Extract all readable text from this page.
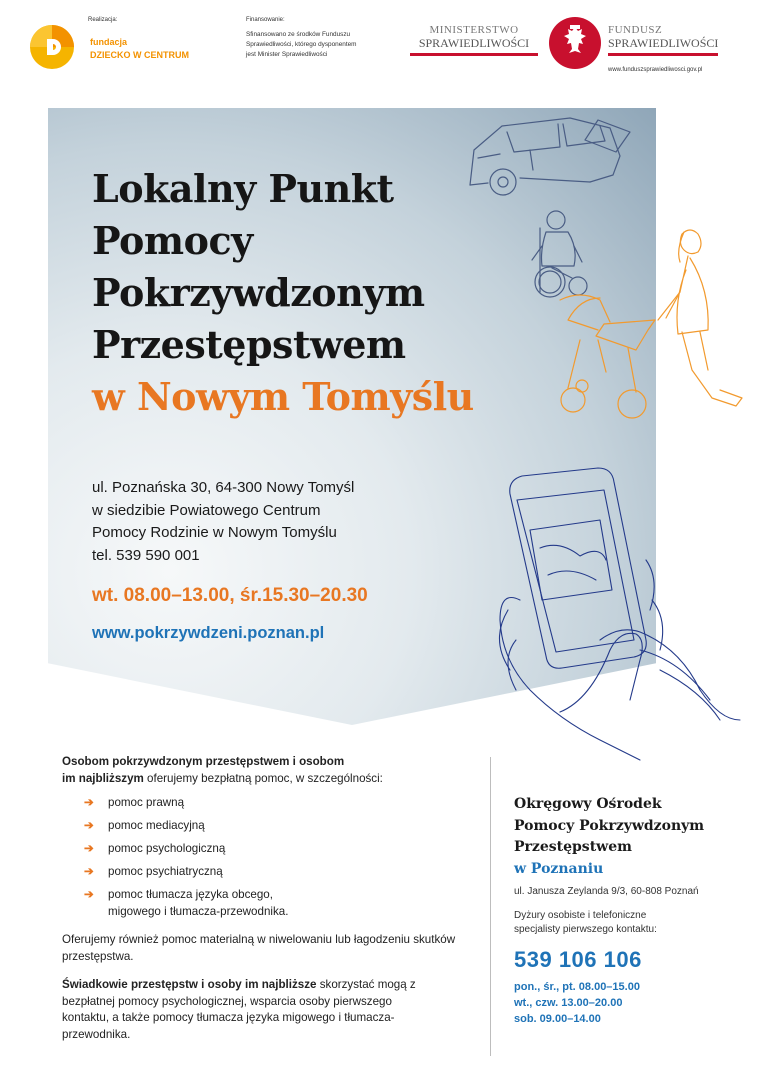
Realizacja:
fundacja
DZIECKO W CENTRUM
Finansowanie:
Sfinansowano ze środków Funduszu
Sprawiedliwości, którego dysponentem
jest Minister Sprawiedliwości
MINISTERSTWO
SPRAWIEDLIWOŚCI
FUNDUSZ
SPRAWIEDLIWOŚCI
www.funduszsprawiedliwosci.gov.pl
Lokalny Punkt
Pomocy
Pokrzywdzonym
Przestępstwem
w Nowym Tomyślu
ul. Poznańska 30, 64-300 Nowy Tomyśl
w siedzibie Powiatowego Centrum
Pomocy Rodzinie w Nowym Tomyślu
tel. 539 590 001
wt. 08.00–13.00, śr.15.30–20.30
www.pokrzywdzeni.poznan.pl
Osobom pokrzywdzonym przestępstwem i osobom
im najbliższym oferujemy bezpłatną pomoc, w szczególności:
➔ pomoc prawną
➔ pomoc mediacyjną
➔ pomoc psychologiczną
➔ pomoc psychiatryczną
➔ pomoc tłumacza języka obcego, migowego i tłumacza-przewodnika.

Oferujemy również pomoc materialną w niwelowaniu lub łagodzeniu skutków przestępstwa.

Świadkowie przestępstw i osoby im najbliższe skorzystać mogą z bezpłatnej pomocy psychologicznej, wsparcia osoby pierwszego kontaktu, a także pomocy tłumacza języka migowego i tłumacza-przewodnika.

Okręgowy Ośrodek
Pomocy Pokrzywdzonym
Przestępstwem
w Poznaniu
ul. Janusza Zeylanda 9/3, 60-808 Poznań
Dyżury osobiste i telefoniczne specjalisty pierwszego kontaktu:
539 106 106
pon., śr., pt. 08.00–15.00
wt., czw. 13.00–20.00
sob. 09.00–14.00
